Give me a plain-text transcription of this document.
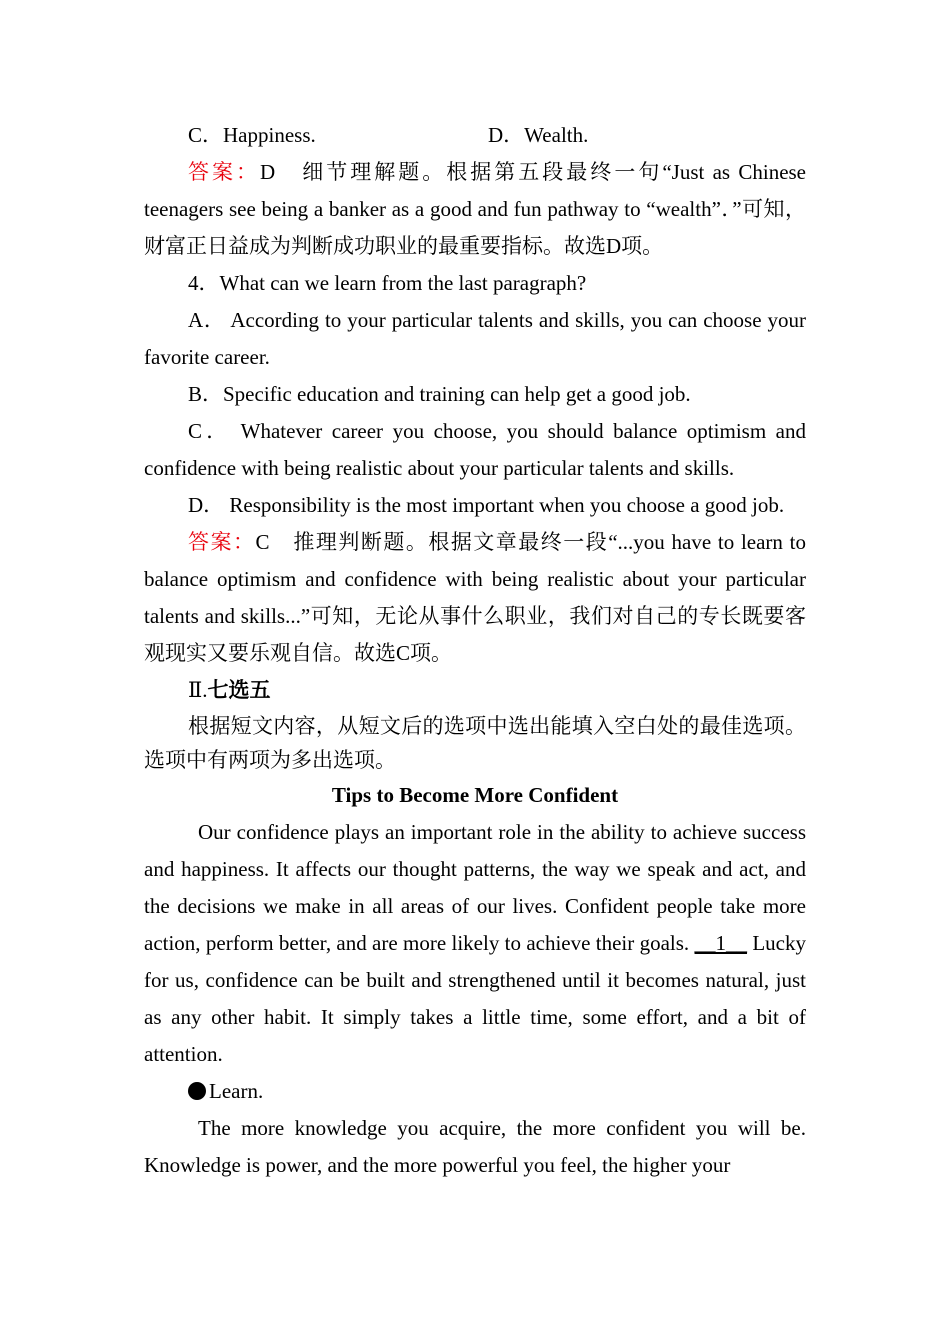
C．Happiness.	D．Wealth.

答案：D　细节理解题。根据第五段最终一句“Just as Chinese teenagers see being a banker as a good and fun pathway to “wealth”．”可知，财富正日益成为判断成功职业的最重要指标。故选D项。

4．What can we learn from the last paragraph?

A． According to your particular talents and skills, you can choose your favorite career.

B．Specific education and training can help get a good job.

C． Whatever career you choose, you should balance optimism and confidence with being realistic about your particular talents and skills.

D． Responsibility is the most important when you choose a good job.

答案：C　推理判断题。根据文章最终一段“...you have to learn to balance optimism and confidence with being realistic about your particular talents and skills...”可知，无论从事什么职业，我们对自己的专长既要客观现实又要乐观自信。故选C项。

Ⅱ.七选五

根据短文内容，从短文后的选项中选出能填入空白处的最佳选项。选项中有两项为多出选项。

Tips to Become More Confident

Our confidence plays an important role in the ability to achieve success and happiness. It affects our thought patterns, the way we speak and act, and the decisions we make in all areas of our lives. Confident people take more action, perform better, and are more likely to achieve their goals. __1__ Lucky for us, confidence can be built and strengthened until it becomes natural, just as any other habit. It simply takes a little time, some effort, and a bit of attention.

Learn.

The more knowledge you acquire, the more confident you will be. Knowledge is power, and the more powerful you feel, the higher your
